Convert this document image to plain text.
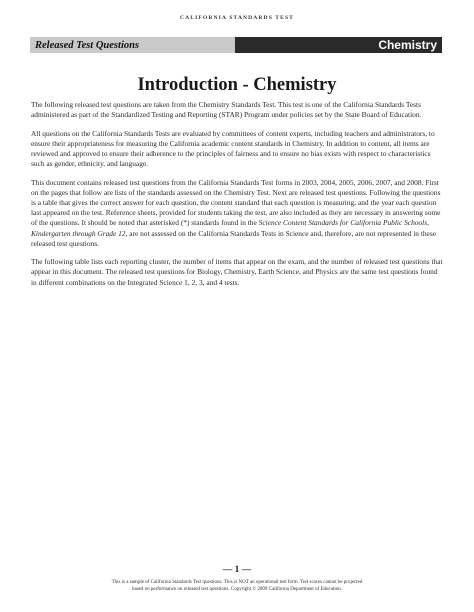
CALIFORNIA STANDARDS TEST
Released Test Questions	Chemistry
Introduction - Chemistry

The following released test questions are taken from the Chemistry Standards Test. This test is one of the California Standards Tests administered as part of the Standardized Testing and Reporting (STAR) Program under policies set by the State Board of Education.

All questions on the California Standards Tests are evaluated by committees of content experts, including teachers and administrators, to ensure their appropriateness for measuring the California academic content standards in Chemistry. In addition to content, all items are reviewed and approved to ensure their adherence to the principles of fairness and to ensure no bias exists with respect to characteristics such as gender, ethnicity, and language.

This document contains released test questions from the California Standards Test forms in 2003, 2004, 2005, 2006, 2007, and 2008. First on the pages that follow are lists of the standards assessed on the Chemistry Test. Next are released test questions. Following the questions is a table that gives the correct answer for each question, the content standard that each question is measuring, and the year each question last appeared on the test. Reference sheets, provided for students taking the test, are also included as they are necessary in answering some of the questions. It should be noted that asterisked (*) standards found in the Science Content Standards for California Public Schools, Kindergarten through Grade 12, are not assessed on the California Standards Tests in Science and, therefore, are not represented in these released test questions.

The following table lists each reporting cluster, the number of items that appear on the exam, and the number of released test questions that appear in this document. The released test questions for Biology, Chemistry, Earth Science, and Physics are the same test questions found in different combinations on the Integrated Science 1, 2, 3, and 4 tests.

— 1 —
This is a sample of California Standards Test questions. This is NOT an operational test form. Test scores cannot be projected
based on performance on released test questions. Copyright © 2009 California Department of Education.
